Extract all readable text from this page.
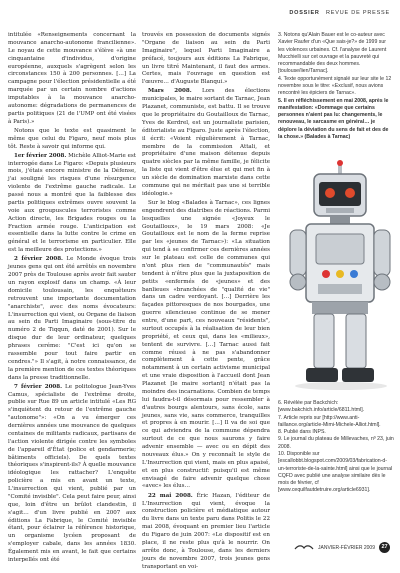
DOSSIER REVUE DE PRESSE

intitulée «Renseignements concernant la mouvance anarcho-autonome francilienne». Le noyau de cette mouvance s'élève «à une cinquantaine d'individus, d'origine européenne, auxquels s'agrègent selon les circonstances 150 à 200 personnes. […] La campagne pour l'élection présidentielle a été marquée par un certain nombre d'actions imputables à la mouvance anarcho-autonome: dégradations de permanences de partis politiques (21 de l'UMP ont été visées à Paris).»

Notons que le texte est quasiment le même que celui du Figaro, neuf mois plus tôt. Reste à savoir qui informe qui.

1er février 2008. Michèle Alliot-Marie est interrogée dans Le Figaro: «Depuis plusieurs mois, j'étais encore ministre de la Défense, j'ai souligné les risques d'une résurgence violente de l'extrême gauche radicale. Le passé nous a montré que la faiblesse des partis politiques extrêmes ouvre souvent la voie aux groupuscules terroristes comme Action directe, les Brigades rouges ou la Fraction armée rouge. L'anticipation est essentielle dans la lutte contre le crime en général et le terrorisme en particulier. Elle est la meilleure des protections.»

2 février 2008. Le Monde évoque trois jeunes gens qui ont été arrêtés en novembre 2007 près de Toulouse après avoir fait sauter un rayon explosif dans un champ. «À leur domicile toulousain, les enquêteurs retrouvent une importante documentation "anarchiste", avec des noms évocateurs: L'insurrection qui vient, ou Organe de liaison au sein du Parti Imaginaire (sous-titre du numéro 2 de Tiqqun, daté de 2001). Sur le disque dur de leur ordinateur, quelques phrases ceréme: "C'est ici qu'on se rassemble pour tout faire partir en cendres."» Il s'agit, à notre connaissance, de la première mention de ces textes théoriques dans la presse traditionnelle.

7 février 2008. Le politologue Jean-Yves Camus, spécialiste de l'extrême droite, publie sur Rue 89 un article intitulé «Les RG s'inquiètent du retour de l'extrême gauche "autonome"»: «On a vu émerger ces dernières années une mouvance de quelques centaines de militants radicaux, partisans de l'action violente dirigée contre les symboles de l'appareil d'État (police et gendarmerie; bâtiments officiels). De quels textes théoriques s'inspirent-ils? À quelle mouvance idéologique les rattacher? L'enquête policière a mis en avant un texte, L'insurrection qui vient, publié par un "Comité invisible". Cela peut faire peur, ainsi que, loin d'être un brûlot clandestin, il s'agit… d'un livre publié en 2007 aux éditions La Fabrique, le Comité invisible étant, pour éclairer la référence historique, un organisme lycéen proposant de s'employer cabale, dans les années 1830. Également mis en avant, le fait que certains interpellés ont été

trouvés en possession de documents signés "Organe de liaison au sein du Parti Imaginaire", lequel Parti Imaginaire a préfacé, toujours aux éditions La Fabrique, un livre titré Maintenant, il faut des armes. Certes, mais l'ouvrage en question est l'œuvre… d'Auguste Blanqui.»

Mars 2008. Lors des élections municipales, le maire sortant de Tarnac, Jean Plazanet, communiste, est battu. Il se trouve que le propriétaire du Goutailloux de Tarnac, Yves de Kerdrel, est un journaliste parisien, éditorialiste au Figaro. Juste après l'élection, il écrit: «Voient régulièrement à Tarnac, membre de la commission Attali, et propriétaire d'une maison détenue depuis quatre siècles par la même famille, je félicite la liste qui vient d'être élue et qui met fin à un siècle de domination marxiste dans cette commune qui ne méritait pas une si terrible idéologie.»

Sur le blog «Balades à Tarnac», ces lignes engendrent des diatribes de réactions. Parmi lesquelles une signée «Joyeux le Goutailloux», le 19 mars 2008: «Je Goutailloux est le nom de la ferme reprise par les «jeunes de Tarnac»): «La situation qui tend à se confirmer ces dernières années sur le plateau est celle de communes qui n'ont plus rien de "communautés" mais tendent à n'être plus que la juxtaposition de petits «enfermés de «jeunes» et des banlieues «branchées de "qualité de vie" dans un cadre verdoyant. […] Derrière les façades pittoresques de nos bourgades, une guerre silencieuse continue de se mener entre, d'une part, ces nouveaux "résidents", surtout occupés à la réalisation de leur bien propriété, et ceux qui, dans les «milieux», tentent de survivre. […] Tarnac aussi fait comme réussi à ne pas s'abandonner complètement à cette pente, grâce notamment à un certain activisme municipal et une vraie disposition à l'accueil dont Jean Plazanet [le maire sortant] n'était pas la moindre des incarnations. Combien de temps lui faudra-t-il désormais pour ressembler à d'autres bourgs alentours, sans école, sans jeunes, sans vie, sans commerce, tranquilles et propres à en mourir. […] Il va de soi que ce qui adviendra de la commune dépendra surtout de ce que nous saurons y faire advenir ensemble — avec ou en dépit des nouveaux élus.» On y reconnaît le style de L'Insurrection qui vient, mais en plus apaisé, et en plus constructif: puisqu'il est même envisagé de faire advenir quelque chose «avec» les élus…

22 mai 2008. Éric Hazan, l'éditeur de L'Insurrection qui vient, évoque la construction policière et médiatique autour du livre dans un texte paru dans Politis le 22 mai 2008, évoquant en premier lieu l'article du Figaro de juin 2007: «Le dispositif est en place, il ne reste plus qu'à le nourrir. On arrête donc, à Toulouse, dans les derniers jours de novembre 2007, trois jeunes gens transportant en voi-

3. Notons qu'Alain Bauer est le co-auteur avec Xavier Raufer d'un «Que sais-je?» de 1999 sur les violences urbaines. Cf. l'analyse de Laurent Mucchielli sur cet ouvrage et la pauvreté qui recommandable des deux hommes. [toulouse/lien/Tarnac].

4. Texte opportunément signalé sur leur site le 12 novembre sous le titre: «Exclusif, nous avions rencontré les épiciers de Tarnac».

5. Il en réfléchissement en mai 2008, après le manifestation: «Dommage que certains personnes n'aient pas lu: changements, le renouveau, le sarcasme en général… je déplore la déviation du sens de fait et des de la chose.» (Balades à Tarnac)

6. Révélée par Backchich: [www.bakchich.info/article/6811.html].

7. Article repris sur [http://www.anti-faillance.org/article-Mimi-Michele-Alliot.html].

8. Publié dans INPS.

9. Le journal du plateau de Millevaches, nº 23, juin 2008.

10. Disponible sur [escallobbt.blogspot.com/2009/03/fabrication-d-un-terroriste-de-la-sainte.html] ainsi que le journal CQFD avec publié une analyse similaire dès le mois de février, cf [www.cequilfautdetruire.org/article6931].

JANVIER-FÉVRIER 2009	27
